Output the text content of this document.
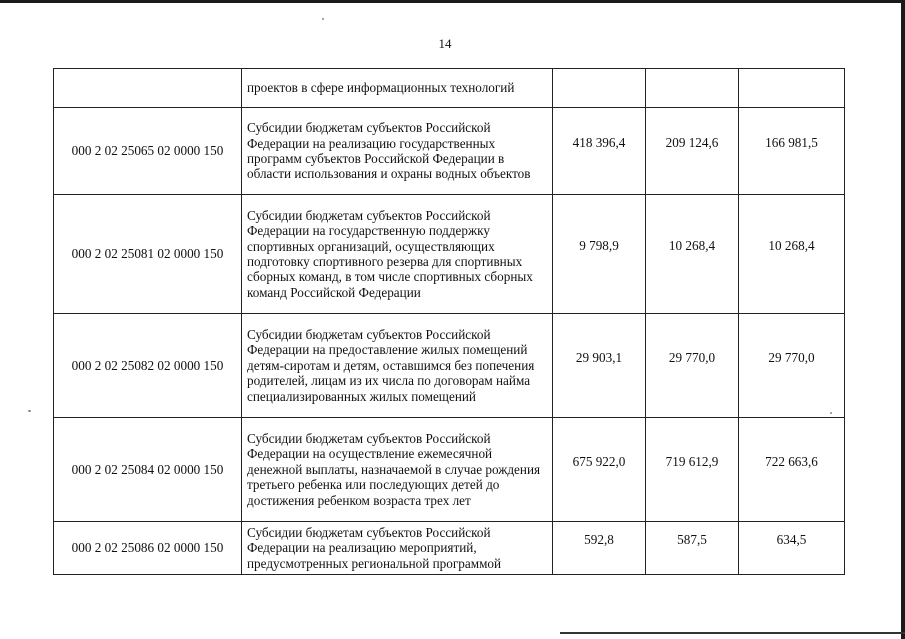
14
	проектов в сфере информационных технологий			
000 2 02 25065 02 0000 150	Субсидии бюджетам субъектов Российской Федерации на реализацию государственных программ субъектов Российской Федерации в области использования и охраны водных объектов	418 396,4	209 124,6	166 981,5
000 2 02 25081 02 0000 150	Субсидии бюджетам субъектов Российской Федерации на государственную поддержку спортивных организаций, осуществляющих подготовку спортивного резерва для спортивных сборных команд, в том числе спортивных сборных команд Российской Федерации	9 798,9	10 268,4	10 268,4
000 2 02 25082 02 0000 150	Субсидии бюджетам субъектов Российской Федерации на предоставление жилых помещений детям-сиротам и детям, оставшимся без попечения родителей, лицам из их числа по договорам найма специализированных жилых помещений	29 903,1	29 770,0	29 770,0
000 2 02 25084 02 0000 150	Субсидии бюджетам субъектов Российской Федерации на осуществление ежемесячной денежной выплаты, назначаемой в случае рождения третьего ребенка или последующих детей до достижения ребенком возраста трех лет	675 922,0	719 612,9	722 663,6
000 2 02 25086 02 0000 150	Субсидии бюджетам субъектов Российской Федерации на реализацию мероприятий, предусмотренных региональной программой	592,8	587,5	634,5
